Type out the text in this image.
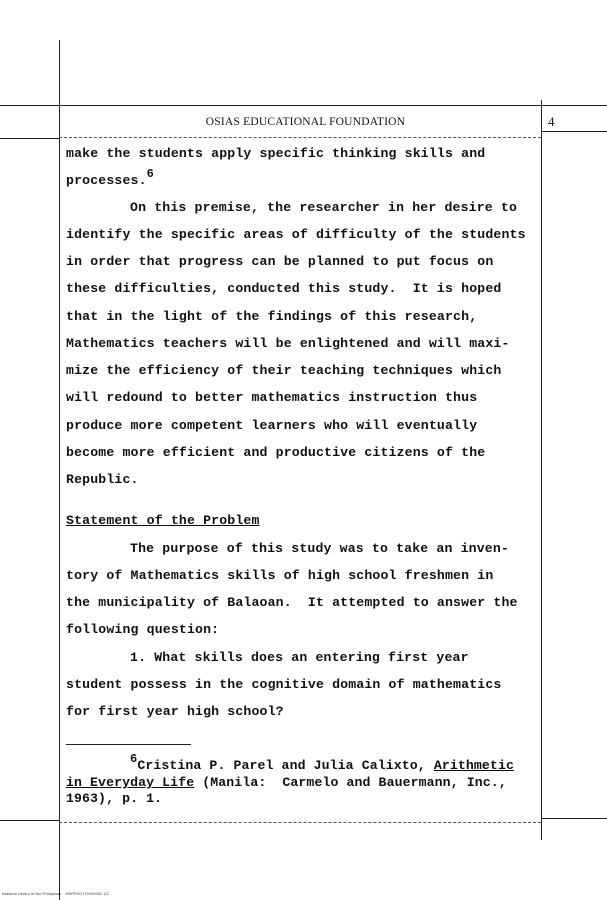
OSIAS EDUCATIONAL FOUNDATION	4
make the students apply specific thinking skills and
processes.6
On this premise, the researcher in her desire to
identify the specific areas of difficulty of the students
in order that progress can be planned to put focus on
these difficulties, conducted this study.  It is hoped
that in the light of the findings of this research,
Mathematics teachers will be enlightened and will maxi-
mize the efficiency of their teaching techniques which
will redound to better mathematics instruction thus
produce more competent learners who will eventually
become more efficient and productive citizens of the
Republic.
Statement of the Problem
The purpose of this study was to take an inven-
tory of Mathematics skills of high school freshmen in
the municipality of Balaoan.  It attempted to answer the
following question:
1. What skills does an entering first year
student possess in the cognitive domain of mathematics
for first year high school?
6Cristina P. Parel and Julia Calixto, Arithmetic
in Everyday Life (Manila:  Carmelo and Bauermann, Inc.,
1963), p. 1.
National Library of the Philippines    MUFP001719410002 1/2
